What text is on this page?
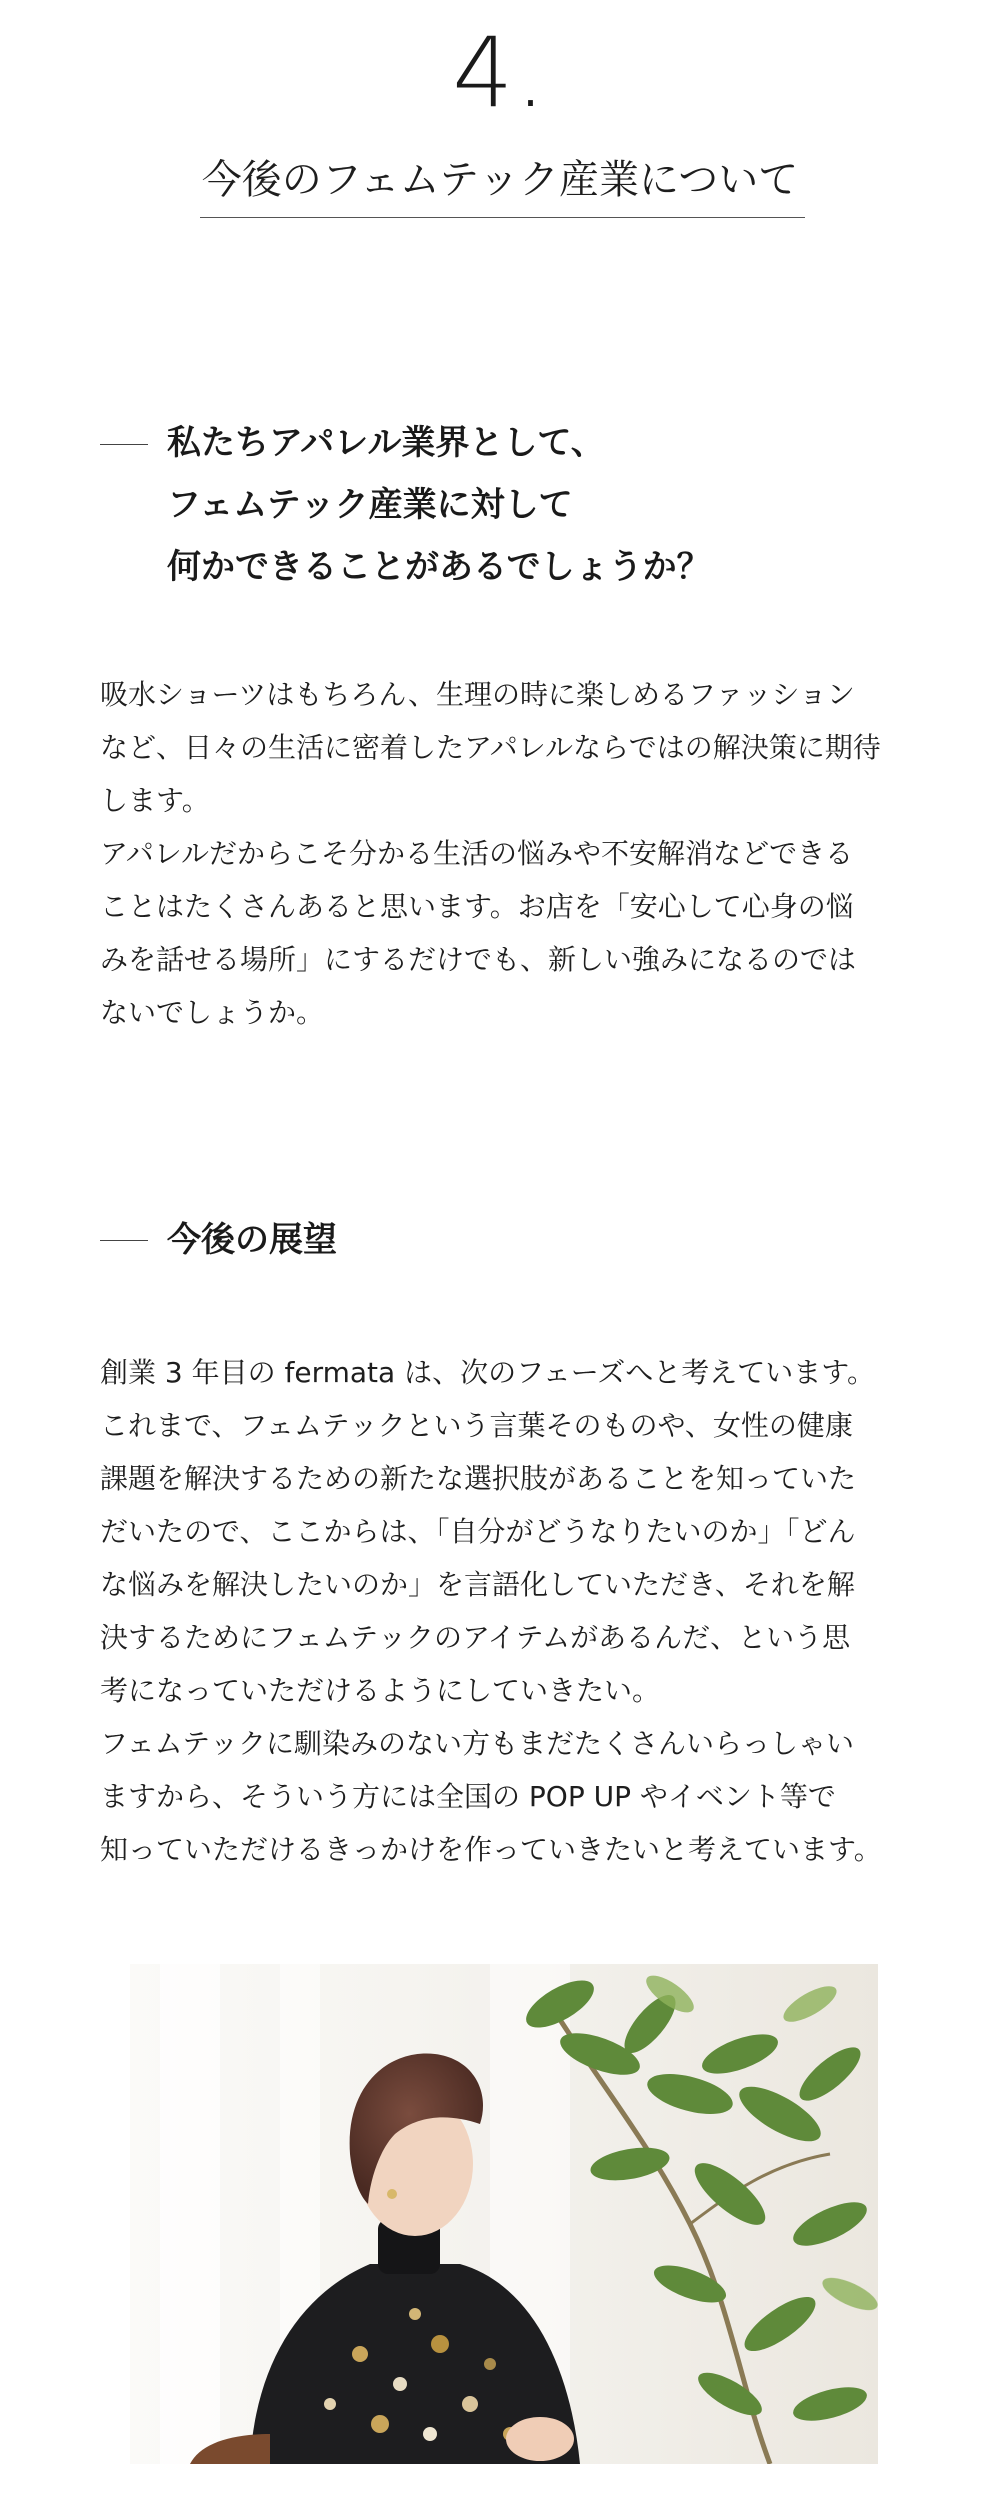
4.
今後のフェムテック産業について
私たちアパレル業界として、
フェムテック産業に対して
何かできることがあるでしょうか？
吸水ショーツはもちろん、生理の時に楽しめるファッション
など、日々の生活に密着したアパレルならではの解決策に期待
します。
アパレルだからこそ分かる生活の悩みや不安解消などできる
ことはたくさんあると思います。お店を「安心して心身の悩
みを話せる場所」にするだけでも、新しい強みになるのでは
ないでしょうか。
今後の展望
創業 3 年目の fermata は、次のフェーズへと考えています。
これまで、フェムテックという言葉そのものや、女性の健康
課題を解決するための新たな選択肢があることを知っていた
だいたので、ここからは、「自分がどうなりたいのか」「どん
な悩みを解決したいのか」を言語化していただき、それを解
決するためにフェムテックのアイテムがあるんだ、という思
考になっていただけるようにしていきたい。
フェムテックに馴染みのない方もまだたくさんいらっしゃい
ますから、そういう方には全国の POP UP やイベント等で
知っていただけるきっかけを作っていきたいと考えています。
